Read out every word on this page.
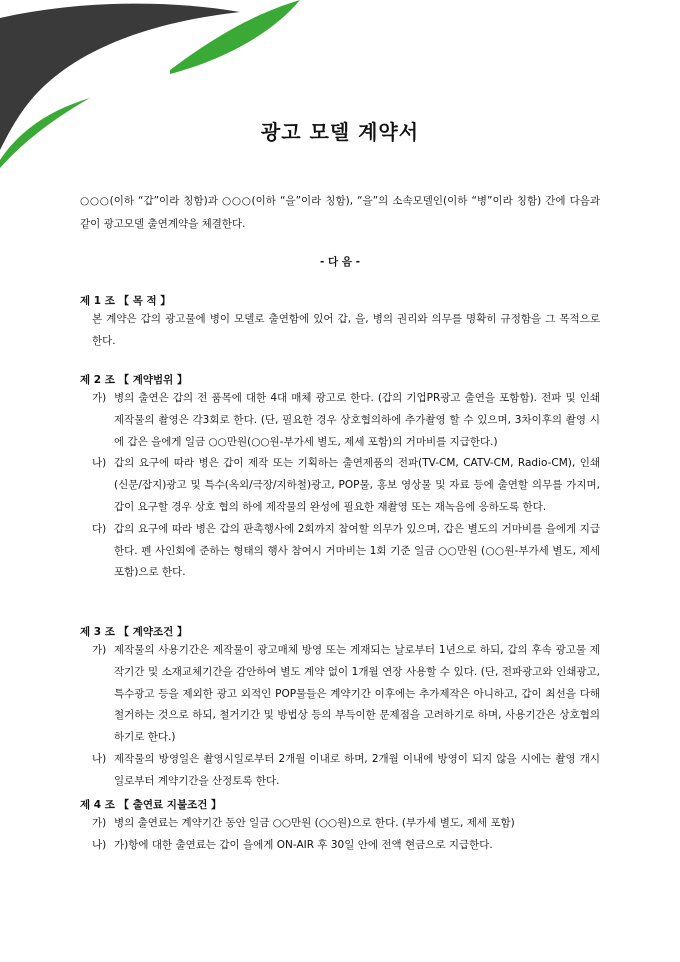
광고 모델 계약서
○○○(이하 “갑”이라 칭함)과 ○○○(이하 “을”이라 칭함), “을”의 소속모델인(이하 “병”이라 칭함) 간에 다음과 같이 광고모델 출연계약을 체결한다.
- 다 음 -
제 1 조 【 목 적 】

본 계약은 갑의 광고물에 병이 모델로 출연함에 있어 갑, 을, 병의 권리와 의무를 명확히 규정함을 그 목적으로 한다.

제 2 조 【 계약범위 】
가) 병의 출연은 갑의 전 품목에 대한 4대 매체 광고로 한다. (갑의 기업PR광고 출연을 포함함). 전파 및 인쇄 제작물의 촬영은 각3회로 한다. (단, 필요한 경우 상호협의하에 추가촬영 할 수 있으며, 3차이후의 촬영 시에 갑은 을에게 일금 ○○만원(○○원-부가세 별도, 제세 포함)의 거마비를 지급한다.)
나) 갑의 요구에 따라 병은 갑이 제작 또는 기획하는 출연제품의 전파(TV-CM, CATV-CM, Radio-CM), 인쇄(신문/잡지)광고 및 특수(옥외/극장/지하철)광고, POP물, 홍보 영상물 및 자료 등에 출연할 의무를 가지며, 갑이 요구할 경우 상호 협의 하에 제작물의 완성에 필요한 재촬영 또는 재녹음에 응하도록 한다.
다) 갑의 요구에 따라 병은 갑의 판촉행사에 2회까지 참여할 의무가 있으며, 갑은 별도의 거마비를 을에게 지급한다. 펜 사인회에 준하는 형태의 행사 참여시 거마비는 1회 기준 일금 ○○만원 (○○원-부가세 별도, 제세 포함)으로 한다.
제 3 조 【 계약조건 】
가) 제작물의 사용기간은 제작물이 광고매체 방영 또는 게재되는 날로부터 1년으로 하되, 갑의 후속 광고물 제작기간 및 소재교체기간을 감안하여 별도 계약 없이 1개월 연장 사용할 수 있다. (단, 전파광고와 인쇄광고, 특수광고 등을 제외한 광고 외적인 POP물들은 계약기간 이후에는 추가제작은 아니하고, 갑이 최선을 다해 철거하는 것으로 하되, 철거기간 및 방법상 등의 부득이한 문제점을 고려하기로 하며, 사용기간은 상호협의하기로 한다.)
나) 제작물의 방영일은 촬영시일로부터 2개월 이내로 하며, 2개월 이내에 방영이 되지 않을 시에는 촬영 개시일로부터 계약기간을 산정토록 한다.
제 4 조 【 출연료 지불조건 】
가) 병의 출연료는 계약기간 동안 일금 ○○만원 (○○원)으로 한다. (부가세 별도, 제세 포함)
나) 가)항에 대한 출연료는 갑이 을에게 ON-AIR 후 30일 안에 전액 현금으로 지급한다.
